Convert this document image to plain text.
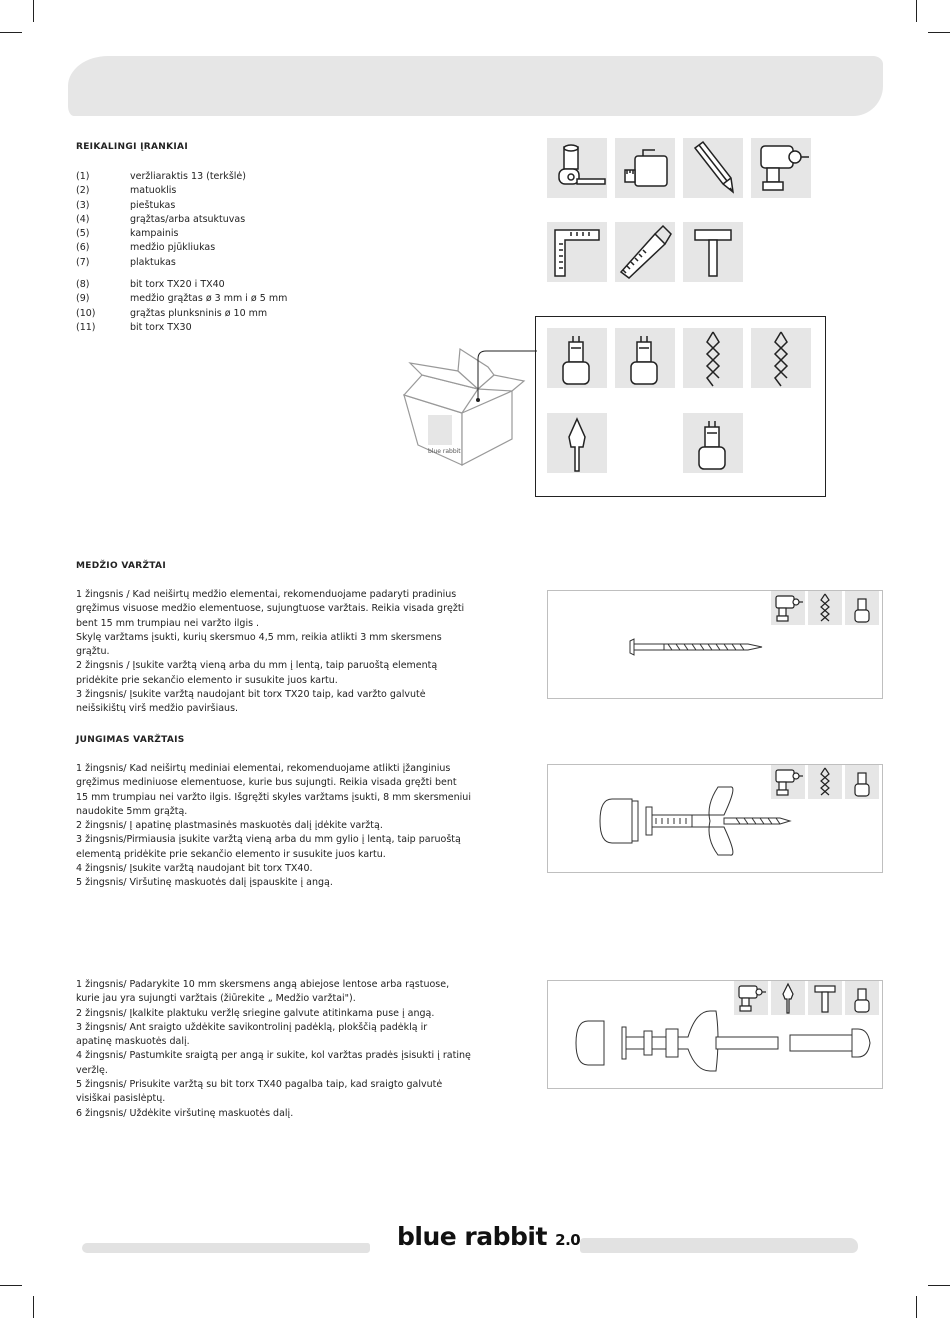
REIKALINGI ĮRANKIAI
(1)	veržliaraktis 13 (terkšlė)
(2)	matuoklis
(3)	pieštukas
(4)	grąžtas/arba atsuktuvas
(5)	kampainis
(6)	medžio pjūkliukas
(7)	plaktukas
(8)	bit torx TX20 i TX40
(9)	medžio grąžtas ø 3 mm i ø 5 mm
(10)	grąžtas plunksninis ø 10 mm
(11)	bit torx TX30
blue rabbit
MEDŽIO VARŽTAI
1 žingsnis / Kad neiširtų medžio elementai, rekomenduojame padaryti pradinius
gręžimus visuose medžio elementuose, sujungtuose varžtais. Reikia visada gręžti
bent 15 mm trumpiau nei varžto ilgis .
Skylę varžtams įsukti, kurių skersmuo 4,5 mm, reikia atlikti 3 mm skersmens
grąžtu.
2 žingsnis / Įsukite varžtą vieną arba du mm į lentą, taip paruoštą elementą
pridėkite prie sekančio elemento ir susukite juos kartu.
3 žingsnis/ Įsukite varžtą naudojant bit torx TX20 taip, kad varžto galvutė
neišsikištų virš medžio paviršiaus.
JUNGIMAS VARŽTAIS
1 žingsnis/ Kad neiširtų mediniai elementai, rekomenduojame atlikti įžanginius
gręžimus mediniuose elementuose, kurie bus sujungti. Reikia visada gręžti bent
15 mm trumpiau nei varžto ilgis. Išgręžti skyles varžtams įsukti, 8 mm skersmeniui
naudokite 5mm grąžtą.
2 žingsnis/ Į apatinę plastmasinės maskuotės dalį įdėkite varžtą.
3 žingsnis/Pirmiausia įsukite varžtą vieną arba du mm gylio į lentą, taip paruoštą
elementą pridėkite prie sekančio elemento ir susukite juos kartu.
4 žingsnis/ Įsukite varžtą naudojant bit torx TX40.
5 žingsnis/ Viršutinę maskuotės dalį įspauskite į angą.
1 žingsnis/ Padarykite 10 mm skersmens angą abiejose lentose arba rąstuose,
kurie jau yra sujungti varžtais (žiūrekite „ Medžio varžtai").
2 žingsnis/ Įkalkite plaktuku veržlę sriegine galvute atitinkama puse į angą.
3 žingsnis/ Ant sraigto uždėkite savikontrolinį padėklą, plokščią padėklą ir
apatinę maskuotės dalį.
4 žingsnis/ Pastumkite sraigtą per angą ir sukite, kol varžtas pradės įsisukti į ratinę
veržlę.
5 žingsnis/ Prisukite varžtą su bit torx TX40 pagalba taip, kad sraigto galvutė
visiškai pasislėptų.
6 žingsnis/ Uždėkite viršutinę maskuotės dalį.
blue rabbit 2.0
